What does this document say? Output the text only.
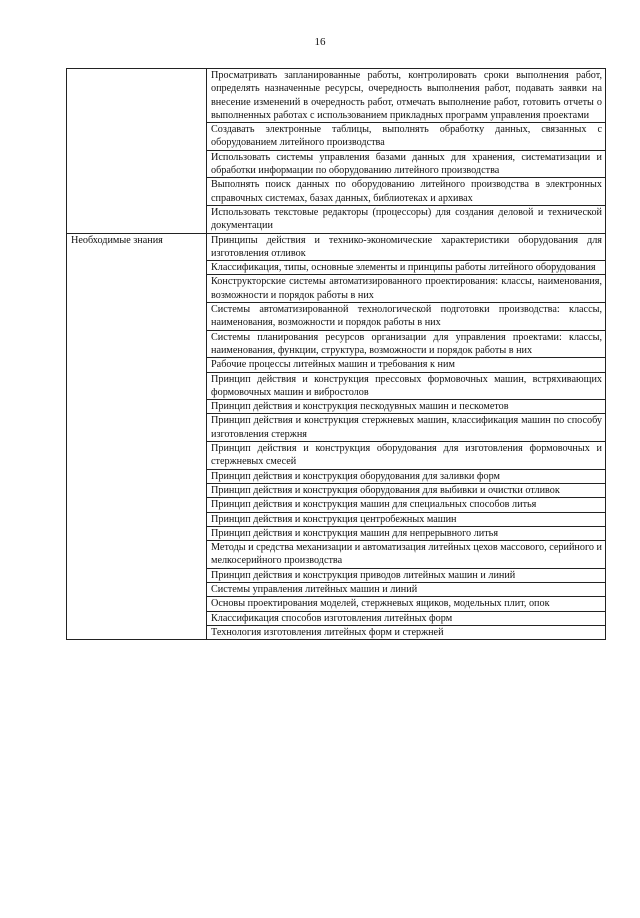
16
	Просматривать запланированные работы, контролировать сроки выполнения работ, определять назначенные ресурсы, очередность выполнения работ, подавать заявки на внесение изменений в очередность работ, отмечать выполнение работ, готовить отчеты о выполненных работах с использованием прикладных программ управления проектами
	Создавать электронные таблицы, выполнять обработку данных, связанных с оборудованием литейного производства
	Использовать системы управления базами данных для хранения, систематизации и обработки информации по оборудованию литейного производства
	Выполнять поиск данных по оборудованию литейного производства в электронных справочных системах, базах данных, библиотеках и архивах
	Использовать текстовые редакторы (процессоры) для создания деловой и технической документации
Необходимые знания	Принципы действия и технико-экономические характеристики оборудования для изготовления отливок
	Классификация, типы, основные элементы и принципы работы литейного оборудования
	Конструкторские системы автоматизированного проектирования: классы, наименования, возможности и порядок работы в них
	Системы автоматизированной технологической подготовки производства: классы, наименования, возможности и порядок работы в них
	Системы планирования ресурсов организации для управления проектами: классы, наименования, функции, структура, возможности и порядок работы в них
	Рабочие процессы литейных машин и требования к ним
	Принцип действия и конструкция прессовых формовочных машин, встряхивающих формовочных машин и вибростолов
	Принцип действия и конструкция пескодувных машин и пескометов
	Принцип действия и конструкция стержневых машин, классификация машин по способу изготовления стержня
	Принцип действия и конструкция оборудования для изготовления формовочных и стержневых смесей
	Принцип действия и конструкция оборудования для заливки форм
	Принцип действия и конструкция оборудования для выбивки и очистки отливок
	Принцип действия и конструкция машин для специальных способов литья
	Принцип действия и конструкция центробежных машин
	Принцип действия и конструкция машин для непрерывного литья
	Методы и средства механизации и автоматизация литейных цехов массового, серийного и мелкосерийного производства
	Принцип действия и конструкция приводов литейных машин и линий
	Системы управления литейных машин и линий
	Основы проектирования моделей, стержневых ящиков, модельных плит, опок
	Классификация способов изготовления литейных форм
	Технология изготовления литейных форм и стержней
